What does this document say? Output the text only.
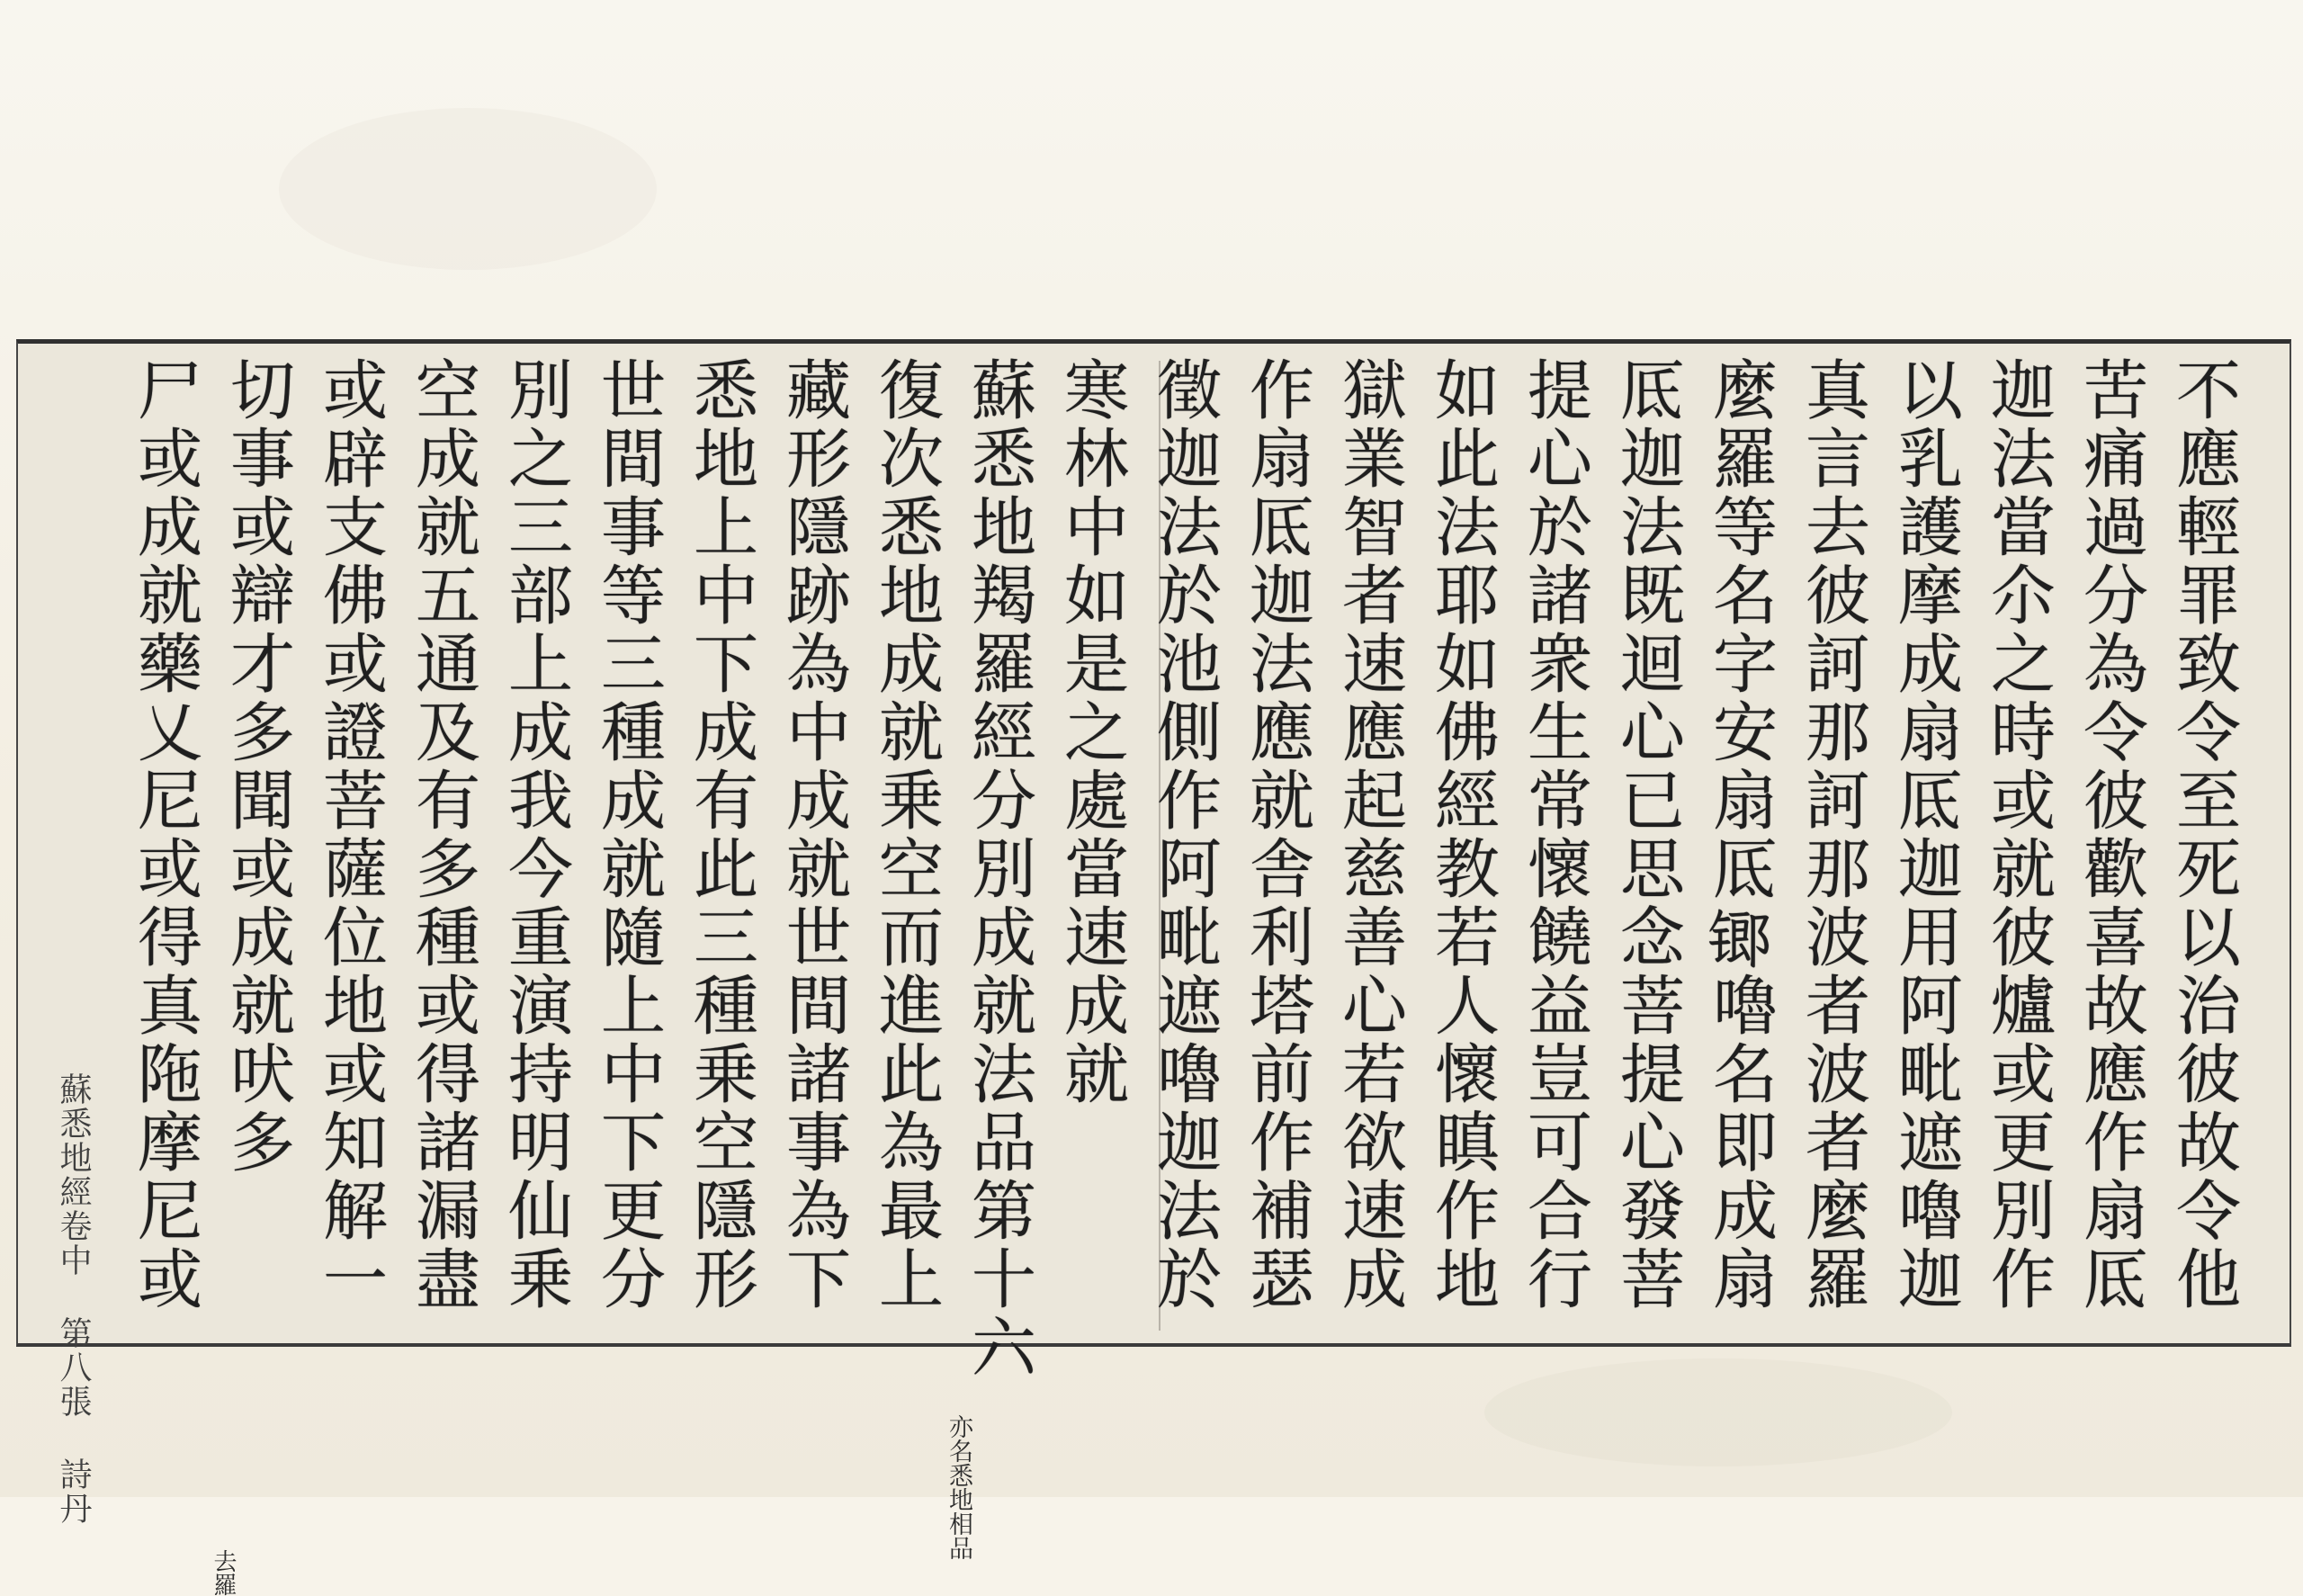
不應輕罪致令至死以治彼故令他
苦痛過分為令彼歡喜故應作扇厎
迦法當尒之時或就彼爐或更別作
以乳護摩成扇厎迦用阿毗遮嚕迦
真言去彼訶那訶那波者波者麼羅
麼羅等名字安扇厎𨱍嚕名即成扇
厎迦法既迴心已思念菩提心發菩
提心於諸衆生常懷饒益豈可合行
如此法耶如佛經教若人懷瞋作地
獄業智者速應起慈善心若欲速成
作扇厎迦法應就舎利塔前作補瑟
徵迦法於池側作阿毗遮嚕迦法於
寒林中如是之處當速成就
蘇悉地羯羅經分別成就法品第十六
復次悉地成就乗空而進此為最上
藏形隱跡為中成就世間諸事為下
悉地上中下成有此三種乗空隱形
世間事等三種成就隨上中下更分
別之三部上成我今重演持明仙乗
空成就五通及有多種或得諸漏盡
或辟支佛或證菩薩位地或知解一
切事或辯才多聞或成就吠多
尸或成就藥乂尼或得真陁摩尼或
亦名悉地相品
去羅
蘇悉地經卷中 第八張 詩丹
